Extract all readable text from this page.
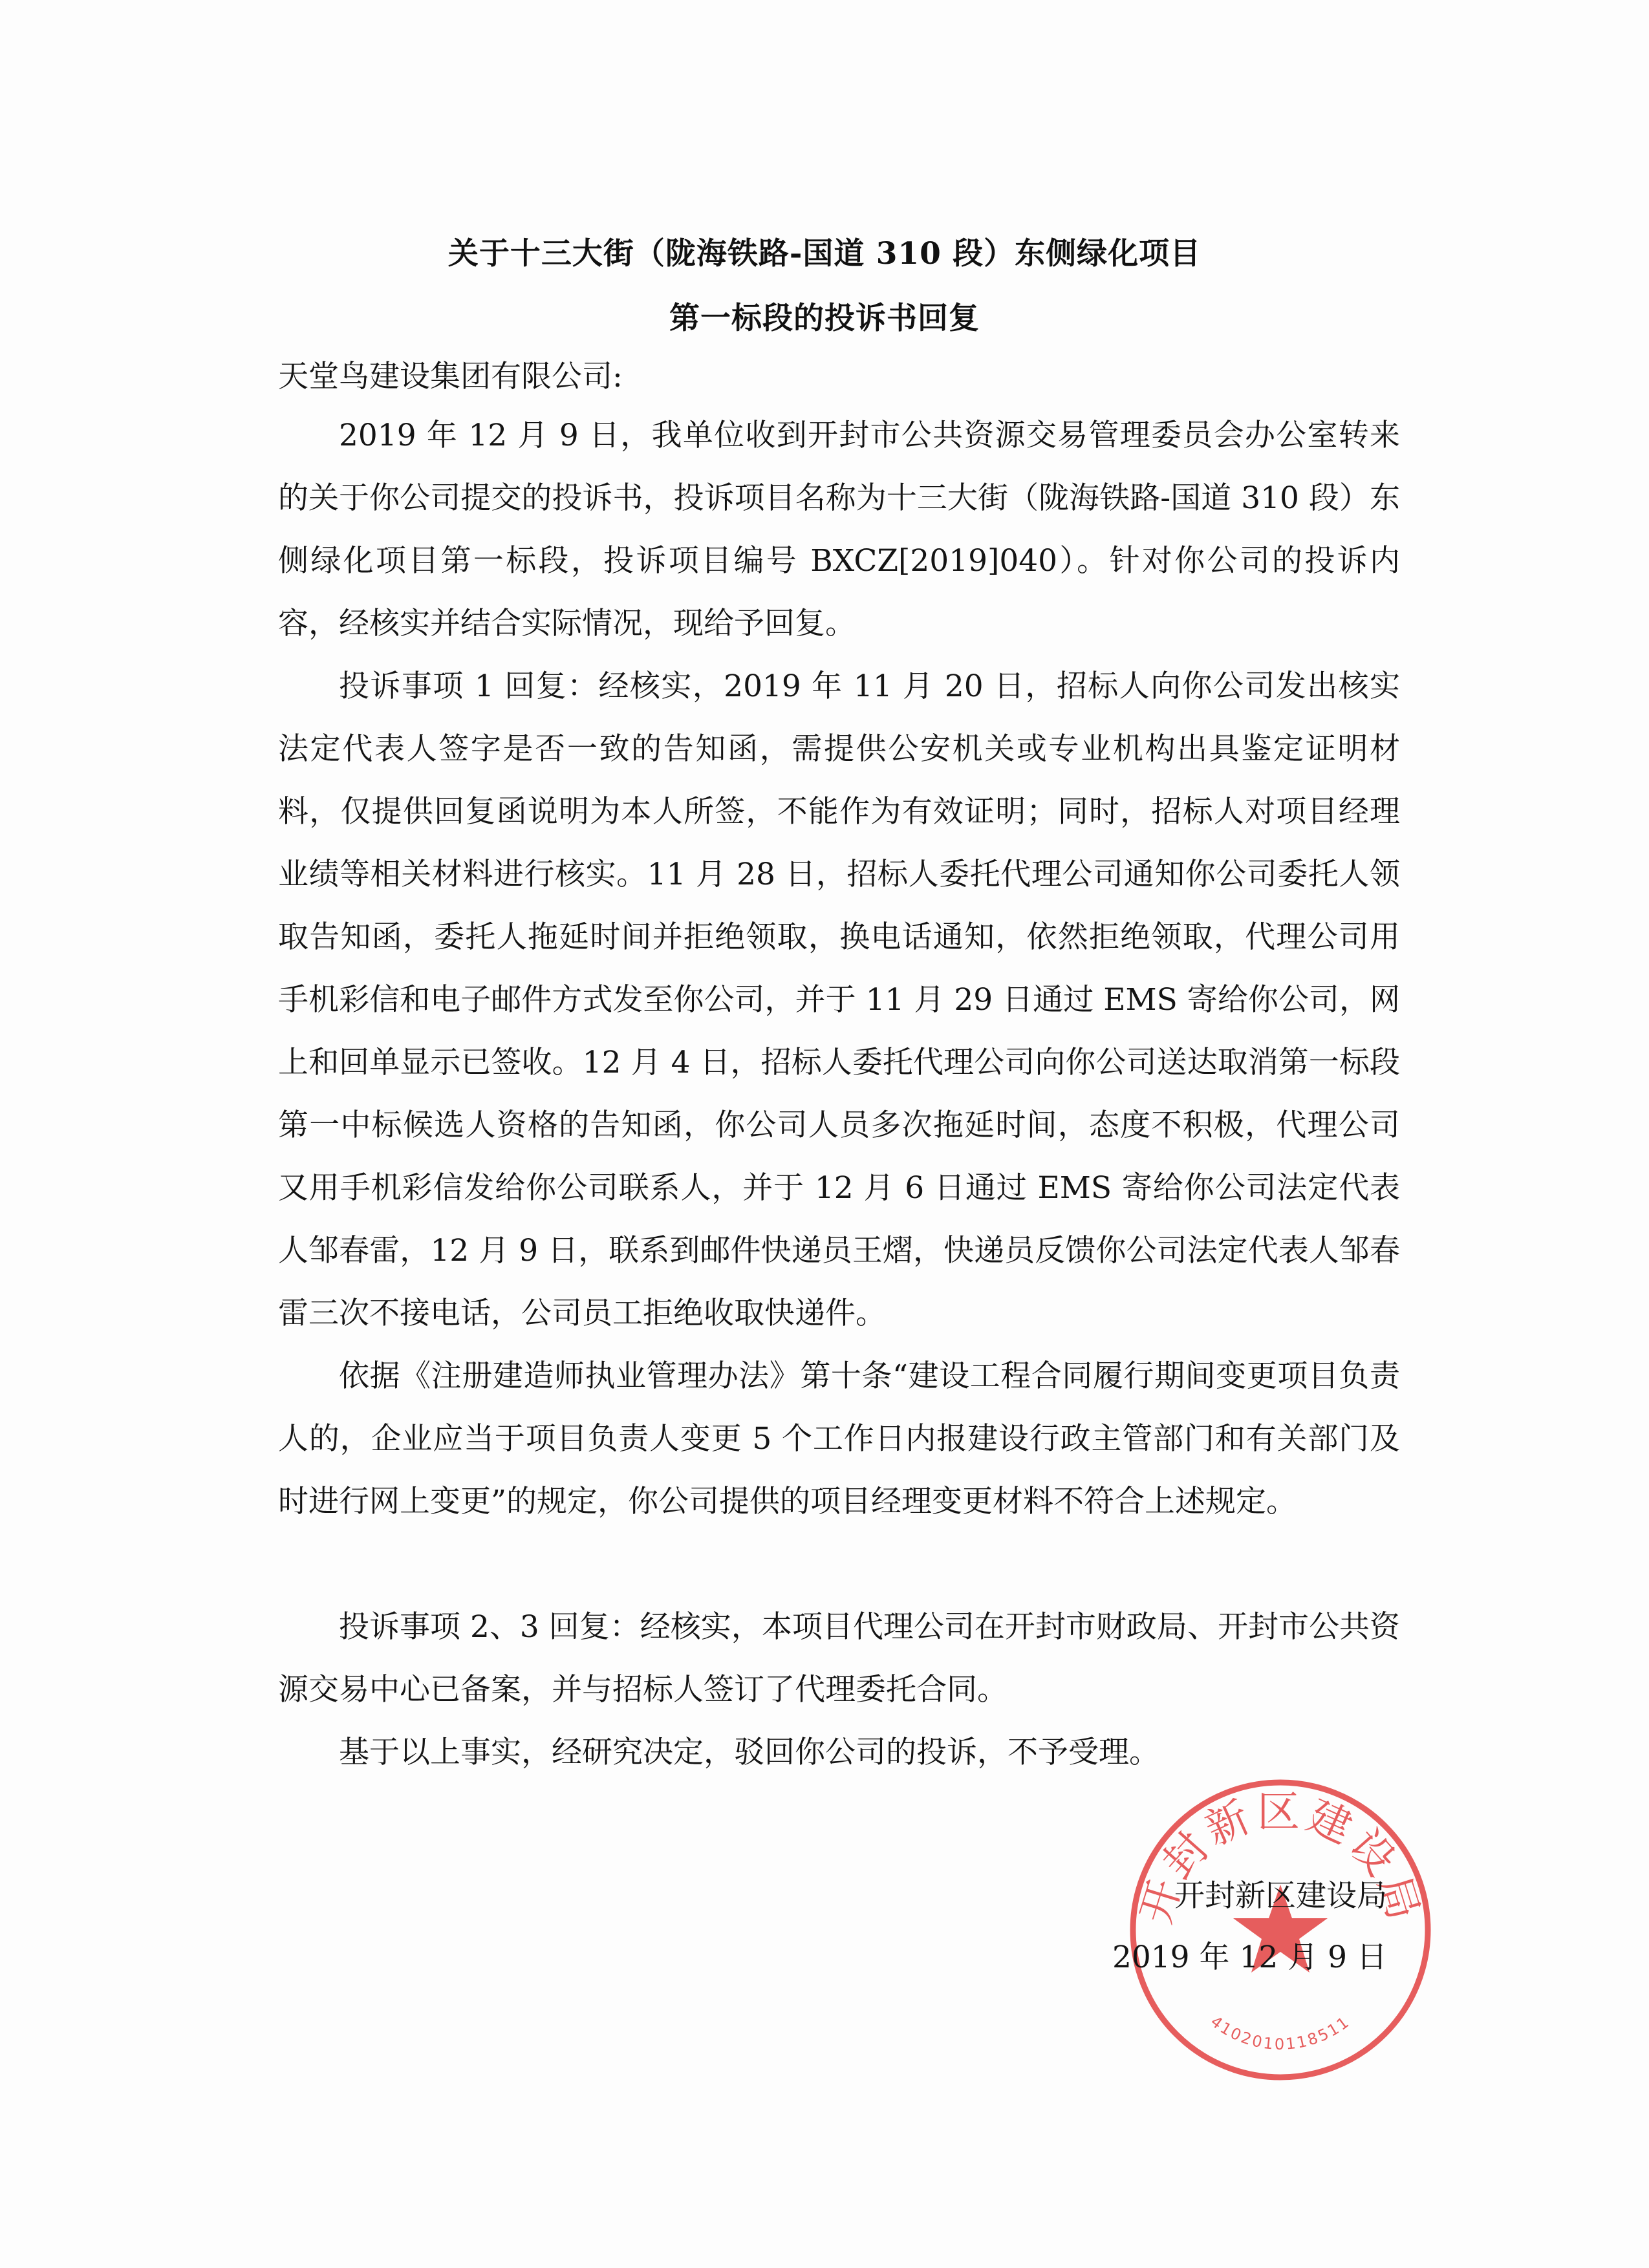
关于十三大街（陇海铁路-国道 310 段）东侧绿化项目
第一标段的投诉书回复
天堂鸟建设集团有限公司:

2019 年 12 月 9 日，我单位收到开封市公共资源交易管理委员会办公室转来的关于你公司提交的投诉书，投诉项目名称为十三大街（陇海铁路-国道 310 段）东侧绿化项目第一标段，投诉项目编号 BXCZ[2019]040）。针对你公司的投诉内容，经核实并结合实际情况，现给予回复。

投诉事项 1 回复：经核实，2019 年 11 月 20 日，招标人向你公司发出核实法定代表人签字是否一致的告知函，需提供公安机关或专业机构出具鉴定证明材料，仅提供回复函说明为本人所签，不能作为有效证明；同时，招标人对项目经理业绩等相关材料进行核实。11 月 28 日，招标人委托代理公司通知你公司委托人领取告知函，委托人拖延时间并拒绝领取，换电话通知，依然拒绝领取，代理公司用手机彩信和电子邮件方式发至你公司，并于 11 月 29 日通过 EMS 寄给你公司，网上和回单显示已签收。12 月 4 日，招标人委托代理公司向你公司送达取消第一标段第一中标候选人资格的告知函，你公司人员多次拖延时间，态度不积极，代理公司又用手机彩信发给你公司联系人，并于 12 月 6 日通过 EMS 寄给你公司法定代表人邹春雷，12 月 9 日，联系到邮件快递员王熠，快递员反馈你公司法定代表人邹春雷三次不接电话，公司员工拒绝收取快递件。

依据《注册建造师执业管理办法》第十条“建设工程合同履行期间变更项目负责人的，企业应当于项目负责人变更 5 个工作日内报建设行政主管部门和有关部门及时进行网上变更”的规定，你公司提供的项目经理变更材料不符合上述规定。

投诉事项 2、3 回复：经核实，本项目代理公司在开封市财政局、开封市公共资源交易中心已备案，并与招标人签订了代理委托合同。

基于以上事实，经研究决定，驳回你公司的投诉，不予受理。

开封新区建设局
4102010118511
开封新区建设局
2019 年 12 月 9 日
